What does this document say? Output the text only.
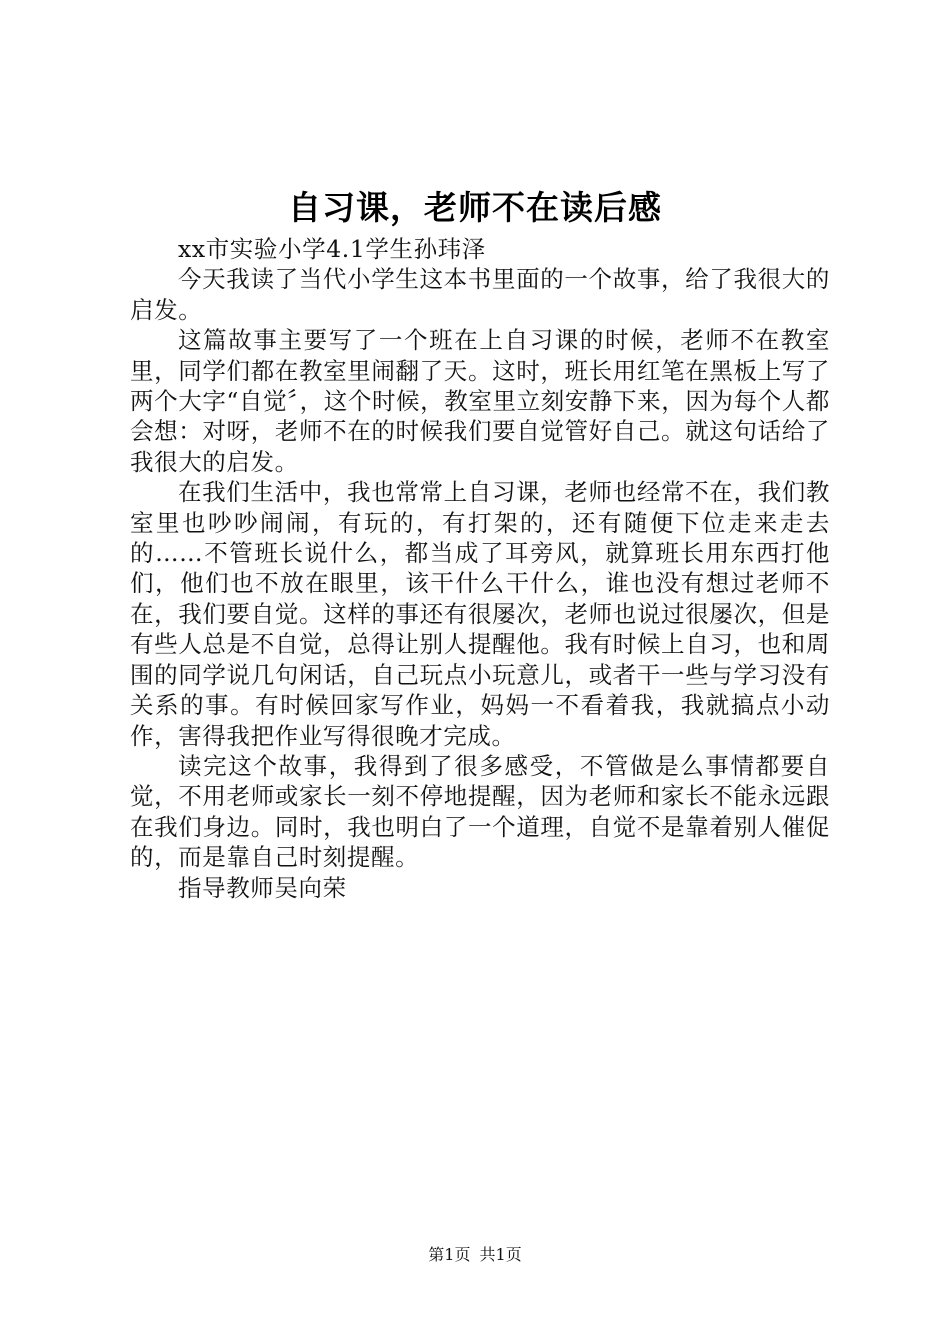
自习课，老师不在读后感

xx市实验小学4.1学生孙玮泽

今天我读了当代小学生这本书里面的一个故事，给了我很大的启发。

这篇故事主要写了一个班在上自习课的时候，老师不在教室里，同学们都在教室里闹翻了天。这时，班长用红笔在黑板上写了两个大字“自觉〞，这个时候，教室里立刻安静下来，因为每个人都会想：对呀，老师不在的时候我们要自觉管好自己。就这句话给了我很大的启发。

在我们生活中，我也常常上自习课，老师也经常不在，我们教室里也吵吵闹闹，有玩的，有打架的，还有随便下位走来走去的……不管班长说什么，都当成了耳旁风，就算班长用东西打他们，他们也不放在眼里，该干什么干什么，谁也没有想过老师不在，我们要自觉。这样的事还有很屡次，老师也说过很屡次，但是有些人总是不自觉，总得让别人提醒他。我有时候上自习，也和周围的同学说几句闲话，自己玩点小玩意儿，或者干一些与学习没有关系的事。有时候回家写作业，妈妈一不看着我，我就搞点小动作，害得我把作业写得很晚才完成。

读完这个故事，我得到了很多感受，不管做是么事情都要自觉，不用老师或家长一刻不停地提醒，因为老师和家长不能永远跟在我们身边。同时，我也明白了一个道理，自觉不是靠着别人催促的，而是靠自己时刻提醒。

指导教师吴向荣

第1页 共1页
